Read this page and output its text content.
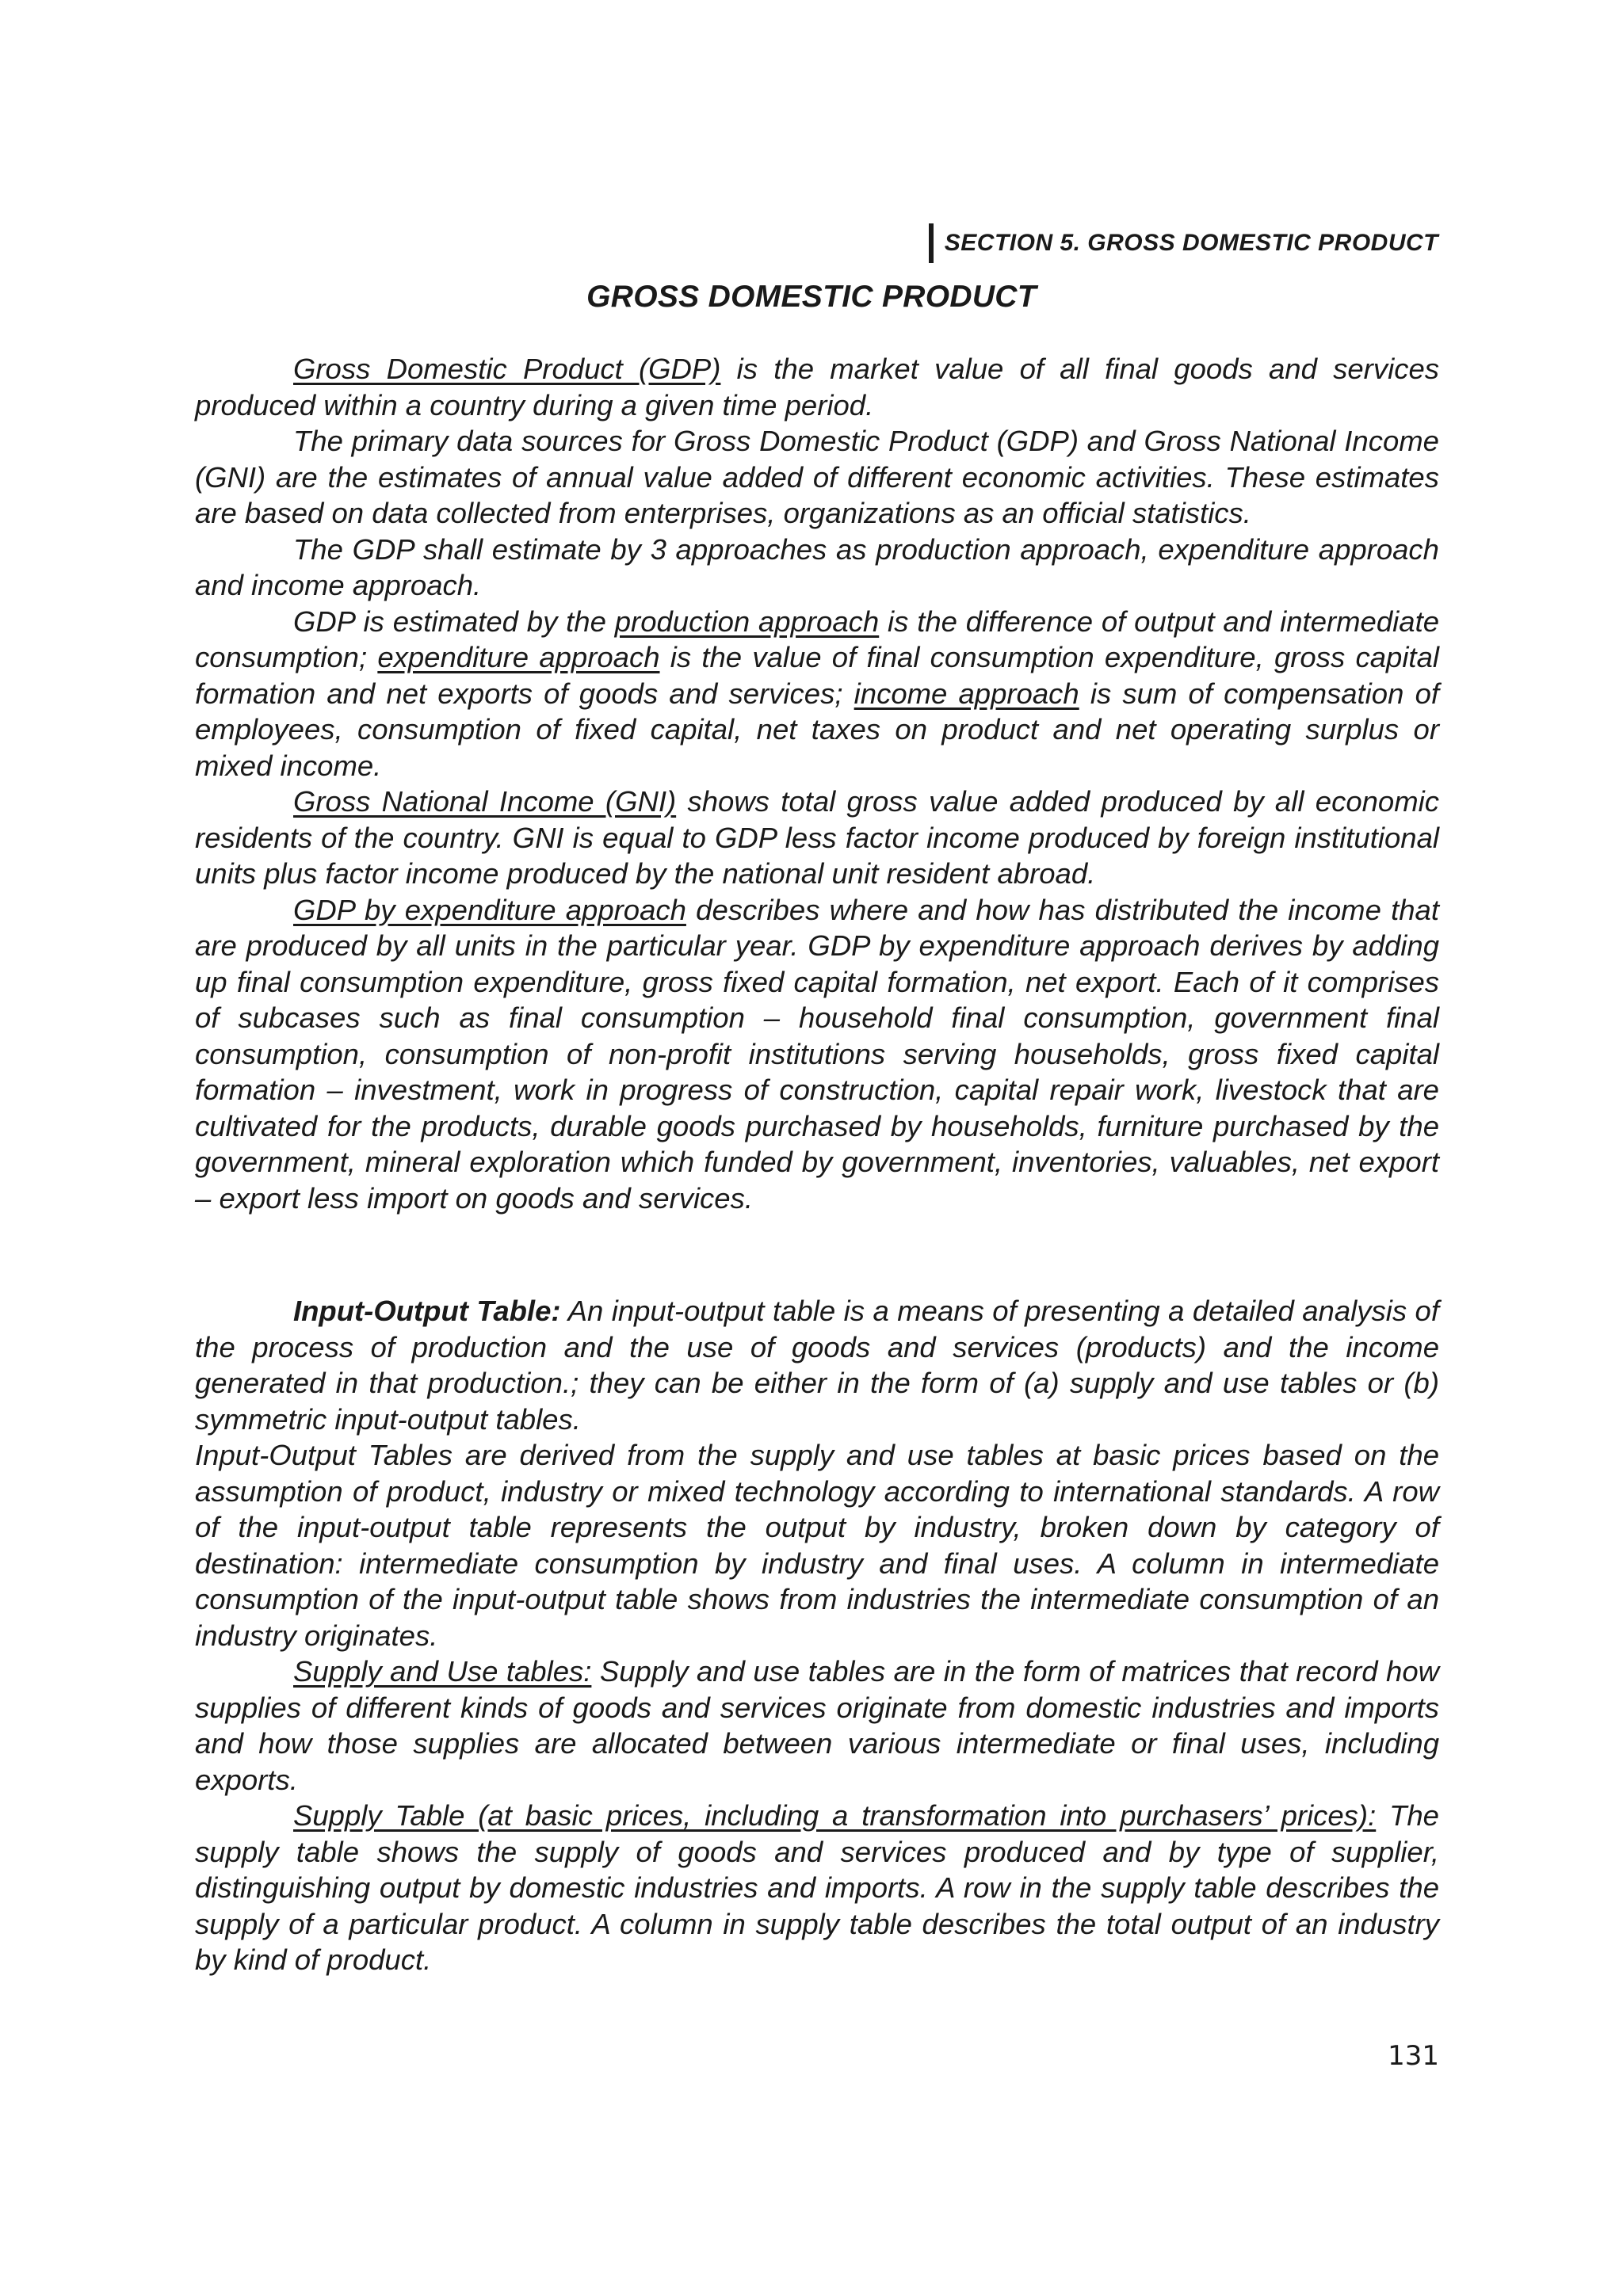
SECTION 5. GROSS DOMESTIC PRODUCT
GROSS DOMESTIC PRODUCT

Gross Domestic Product (GDP) is the market value of all final goods and services produced within a country during a given time period.

The primary data sources for Gross Domestic Product (GDP) and Gross National Income (GNI) are the estimates of annual value added of different economic activities. These estimates are based on data collected from enterprises, organizations as an official statistics.

The GDP shall estimate by 3 approaches as production approach, expenditure approach and income approach.

GDP is estimated by the production approach is the difference of output and intermediate consumption; expenditure approach is the value of final consumption expenditure, gross capital formation and net exports of goods and services; income approach is sum of compensation of employees, consumption of fixed capital, net taxes on product and net operating surplus or mixed income.

Gross National Income (GNI) shows total gross value added produced by all economic residents of the country. GNI is equal to GDP less factor income produced by foreign institutional units plus factor income produced by the national unit resident abroad.

GDP by expenditure approach describes where and how has distributed the income that are produced by all units in the particular year. GDP by expenditure approach derives by adding up final consumption expenditure, gross fixed capital formation, net export. Each of it comprises of subcases such as final consumption – household final consumption, government final consumption, consumption of non-profit institutions serving households, gross fixed capital formation – investment, work in progress of construction, capital repair work, livestock that are cultivated for the products, durable goods purchased by households, furniture purchased by the government, mineral exploration which funded by government, inventories, valuables, net export – export less import on goods and services.

Input-Output Table: An input-output table is a means of presenting a detailed analysis of the process of production and the use of goods and services (products) and the income generated in that production.; they can be either in the form of (a) supply and use tables or (b) symmetric input-output tables.

Input-Output Tables are derived from the supply and use tables at basic prices based on the assumption of product, industry or mixed technology according to international standards. A row of the input-output table represents the output by industry, broken down by category of destination: intermediate consumption by industry and final uses. A column in intermediate consumption of the input-output table shows from industries the intermediate consumption of an industry originates.

Supply and Use tables: Supply and use tables are in the form of matrices that record how supplies of different kinds of goods and services originate from domestic industries and imports and how those supplies are allocated between various intermediate or final uses, including exports.

Supply Table (at basic prices, including a transformation into purchasers’ prices): The supply table shows the supply of goods and services produced and by type of supplier, distinguishing output by domestic industries and imports. A row in the supply table describes the supply of a particular product. A column in supply table describes the total output of an industry by kind of product.

131
